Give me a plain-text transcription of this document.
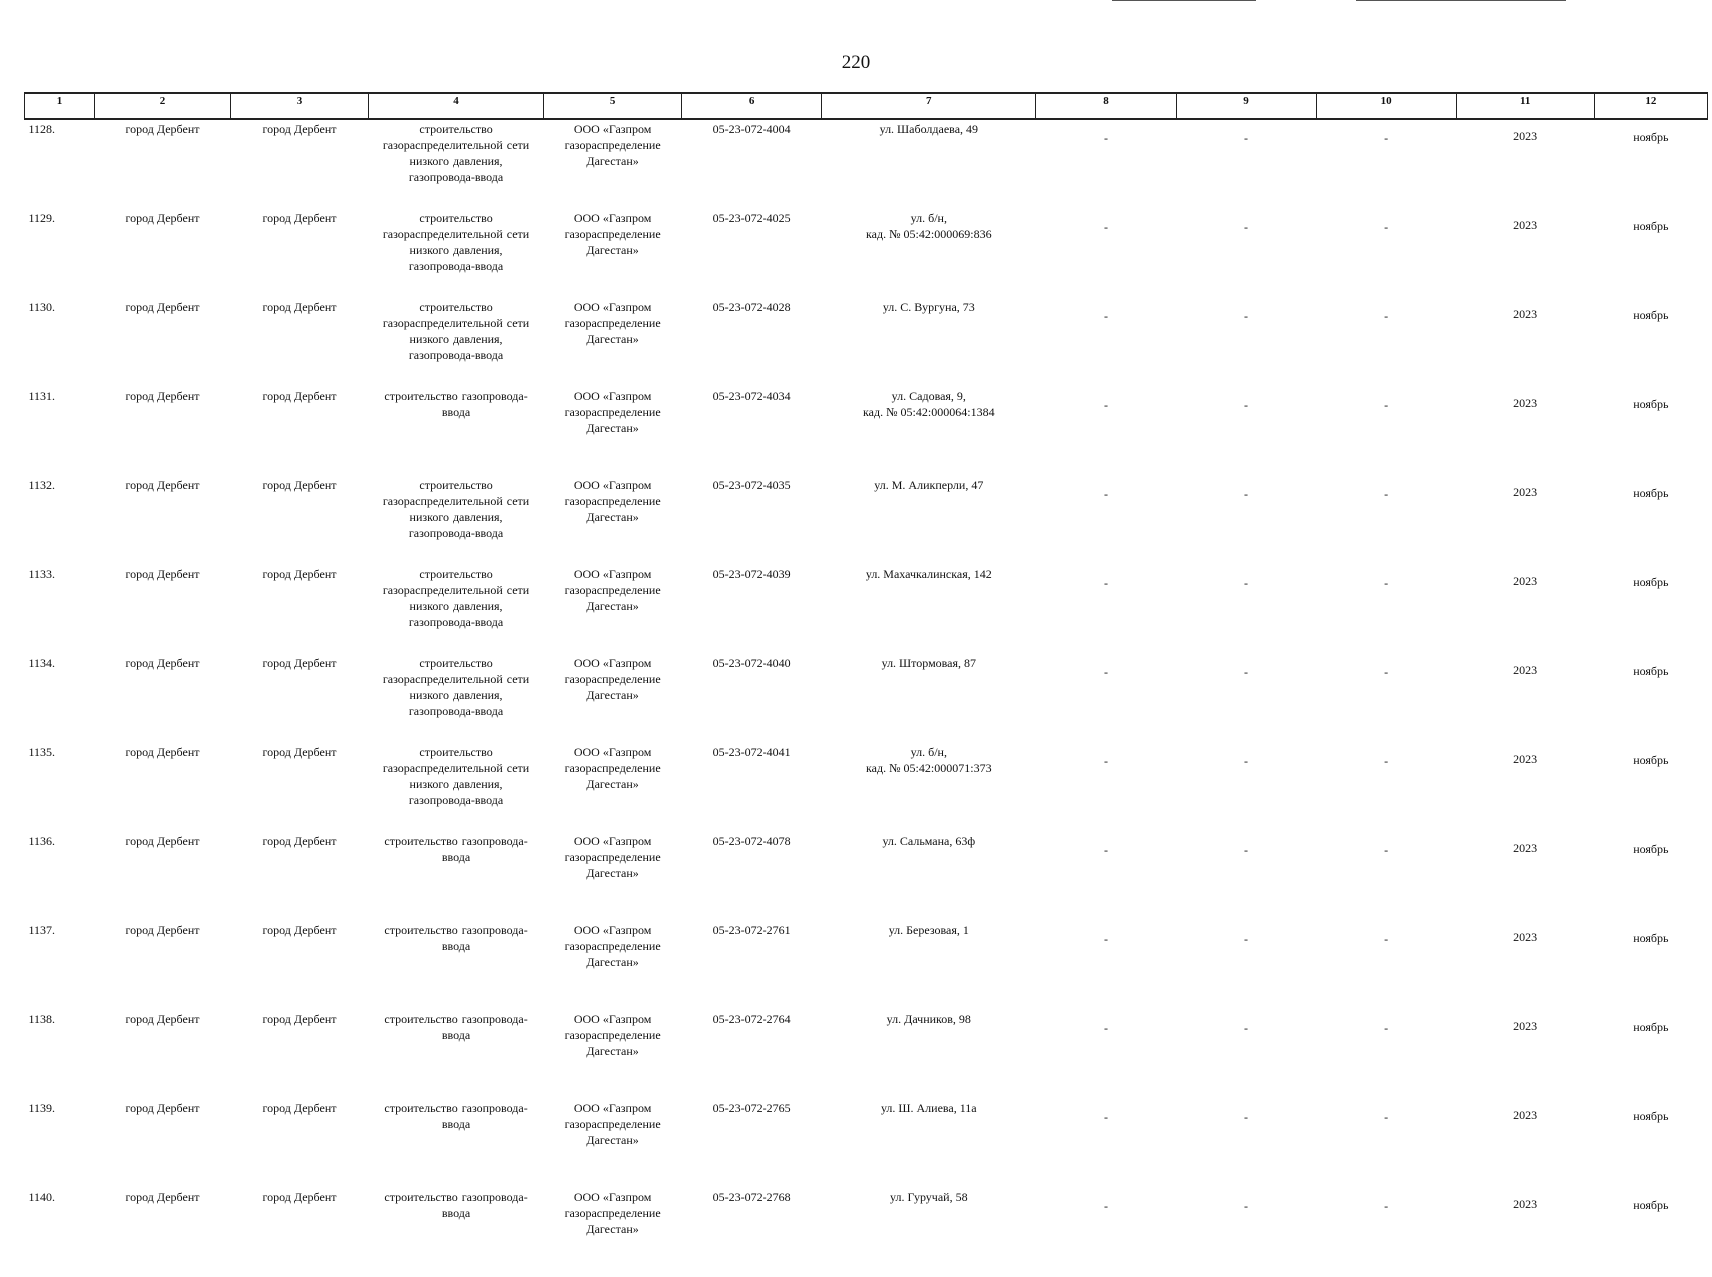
220
1	2	3	4	5	6	7	8	9	10	11	12
1128.	город Дербент	город Дербент	строительство
газораспределительной сети
низкого давления,
газопровода-ввода	ООО «Газпром
газораспределение
Дагестан»	05-23-072-4004	ул. Шаболдаева, 49	-	-	-	2023	ноябрь
1129.	город Дербент	город Дербент	строительство
газораспределительной сети
низкого давления,
газопровода-ввода	ООО «Газпром
газораспределение
Дагестан»	05-23-072-4025	ул. б/н,
кад. № 05:42:000069:836	-	-	-	2023	ноябрь
1130.	город Дербент	город Дербент	строительство
газораспределительной сети
низкого давления,
газопровода-ввода	ООО «Газпром
газораспределение
Дагестан»	05-23-072-4028	ул. С. Вургуна, 73	-	-	-	2023	ноябрь
1131.	город Дербент	город Дербент	строительство газопровода-
ввода	ООО «Газпром
газораспределение
Дагестан»	05-23-072-4034	ул. Садовая, 9,
кад. № 05:42:000064:1384	-	-	-	2023	ноябрь
1132.	город Дербент	город Дербент	строительство
газораспределительной сети
низкого давления,
газопровода-ввода	ООО «Газпром
газораспределение
Дагестан»	05-23-072-4035	ул. М. Аликперли, 47	-	-	-	2023	ноябрь
1133.	город Дербент	город Дербент	строительство
газораспределительной сети
низкого давления,
газопровода-ввода	ООО «Газпром
газораспределение
Дагестан»	05-23-072-4039	ул. Махачкалинская, 142	-	-	-	2023	ноябрь
1134.	город Дербент	город Дербент	строительство
газораспределительной сети
низкого давления,
газопровода-ввода	ООО «Газпром
газораспределение
Дагестан»	05-23-072-4040	ул. Штормовая, 87	-	-	-	2023	ноябрь
1135.	город Дербент	город Дербент	строительство
газораспределительной сети
низкого давления,
газопровода-ввода	ООО «Газпром
газораспределение
Дагестан»	05-23-072-4041	ул. б/н,
кад. № 05:42:000071:373	-	-	-	2023	ноябрь
1136.	город Дербент	город Дербент	строительство газопровода-
ввода	ООО «Газпром
газораспределение
Дагестан»	05-23-072-4078	ул. Сальмана, 63ф	-	-	-	2023	ноябрь
1137.	город Дербент	город Дербент	строительство газопровода-
ввода	ООО «Газпром
газораспределение
Дагестан»	05-23-072-2761	ул. Березовая, 1	-	-	-	2023	ноябрь
1138.	город Дербент	город Дербент	строительство газопровода-
ввода	ООО «Газпром
газораспределение
Дагестан»	05-23-072-2764	ул. Дачников, 98	-	-	-	2023	ноябрь
1139.	город Дербент	город Дербент	строительство газопровода-
ввода	ООО «Газпром
газораспределение
Дагестан»	05-23-072-2765	ул. Ш. Алиева, 11а	-	-	-	2023	ноябрь
1140.	город Дербент	город Дербент	строительство газопровода-
ввода	ООО «Газпром
газораспределение
Дагестан»	05-23-072-2768	ул. Гуручай, 58	-	-	-	2023	ноябрь
